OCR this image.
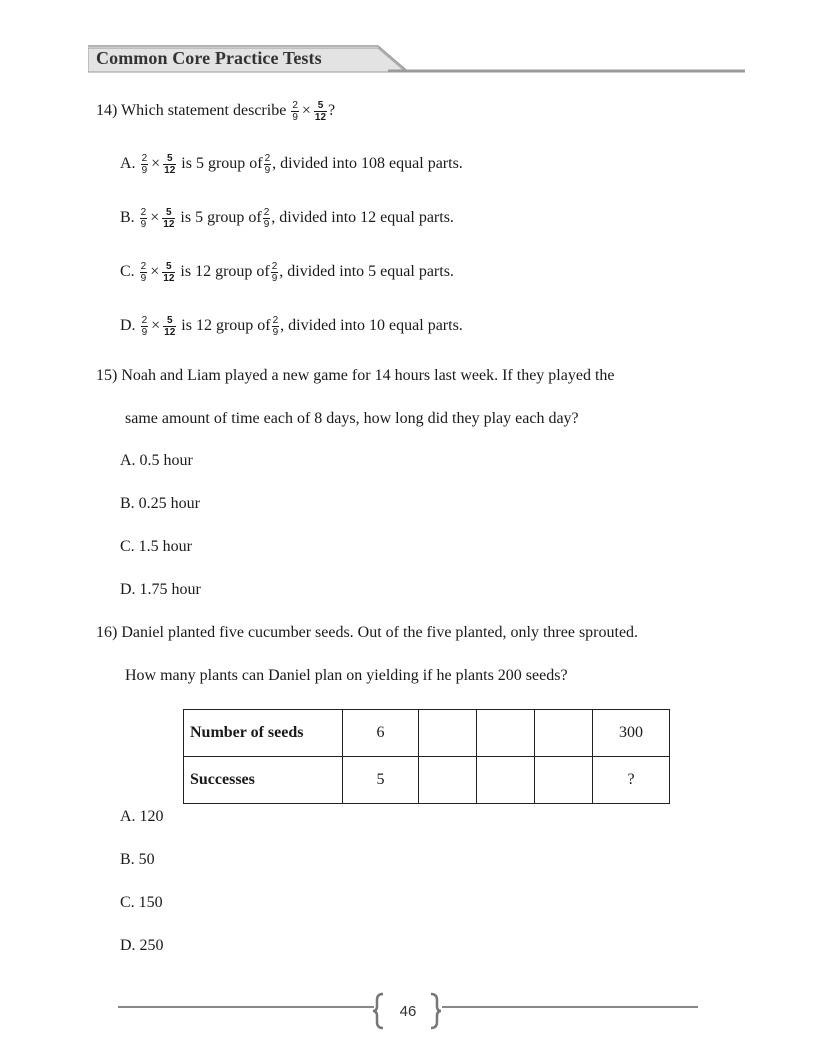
Common Core Practice Tests
14) Which statement describe $\frac{2}{9} \times \frac{5}{12}$ ?
A. $\frac{2}{9} \times \frac{5}{12}$ is 5 group of $\frac{2}{9}$ , divided into 108 equal parts.
B. $\frac{2}{9} \times \frac{5}{12}$ is 5 group of $\frac{2}{9}$ , divided into 12 equal parts.
C. $\frac{2}{9} \times \frac{5}{12}$ is 12 group of $\frac{2}{9}$ , divided into 5 equal parts.
D. $\frac{2}{9} \times \frac{5}{12}$ is 12 group of $\frac{2}{9}$ , divided into 10 equal parts.
15) Noah and Liam played a new game for 14 hours last week. If they played the
same amount of time each of 8 days, how long did they play each day?
A. 0.5 hour
B. 0.25 hour
C. 1.5 hour
D. 1.75 hour
16) Daniel planted five cucumber seeds. Out of the five planted, only three sprouted.
How many plants can Daniel plan on yielding if he plants 200 seeds?
Number of seeds	6				300
Successes	5				?
A. 120
B. 50
C. 150
D. 250
46
